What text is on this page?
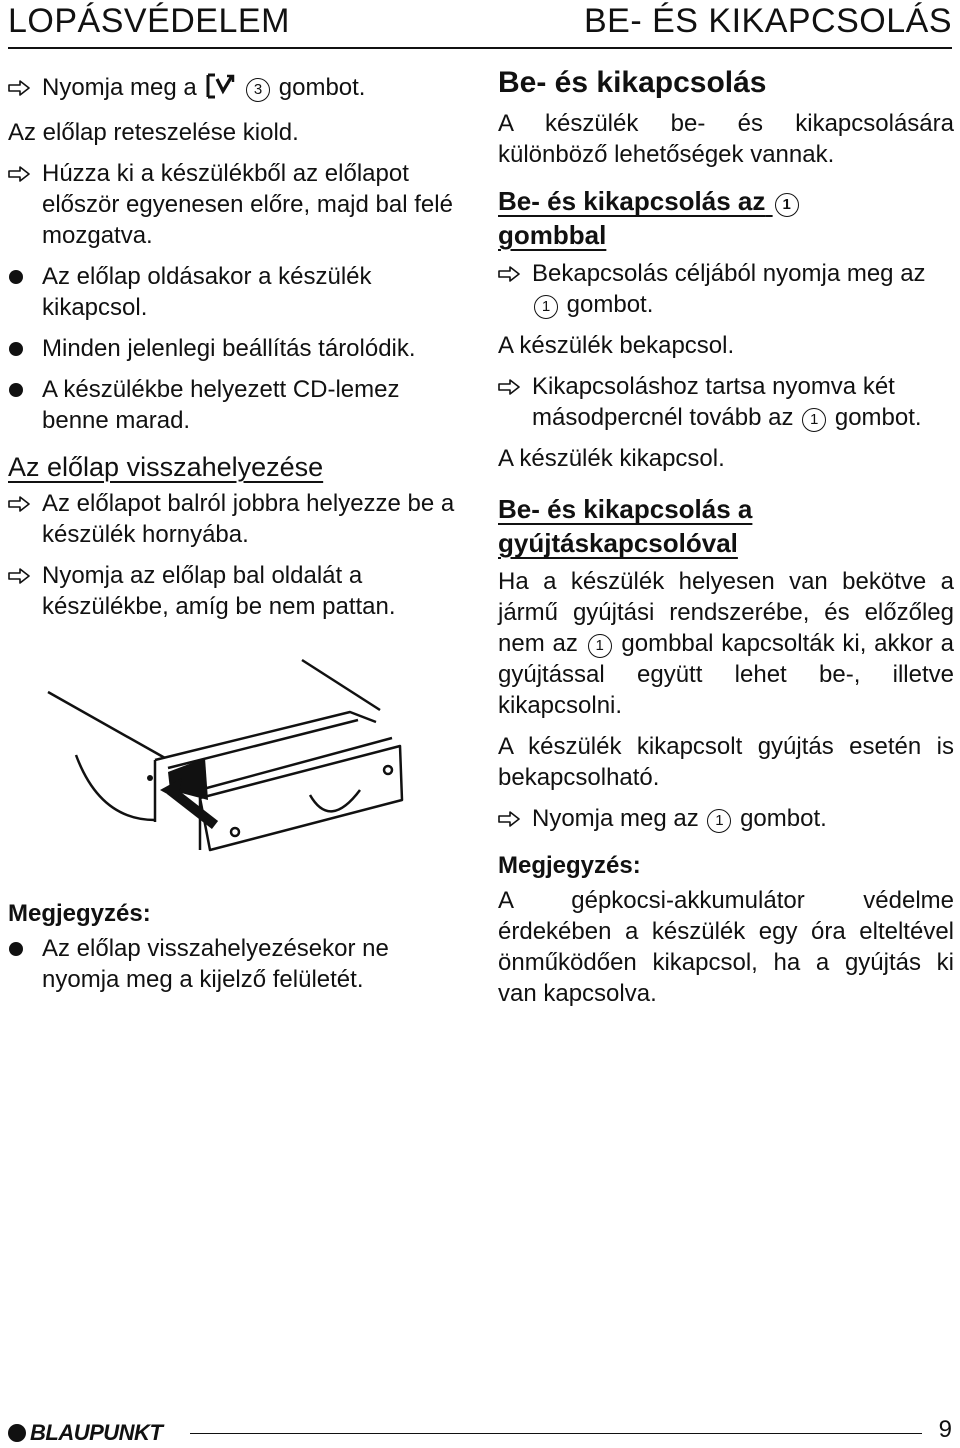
LOPÁSVÉDELEM	BE- ÉS KIKAPCSOLÁS
Nyomja meg a	3 gombot.

Az előlap reteszelése kiold.

Húzza ki a készülékből az előlapot először egyenesen előre, majd bal felé mozgatva.
Az előlap oldásakor a készülék kikapcsol.
Minden jelenlegi beállítás tárolódik.
A készülékbe helyezett CD-lemez benne marad.

Az előlap visszahelyezése

Az előlapot balról jobbra helyezze be a készülék hornyába.
Nyomja az előlap bal oldalát a készülékbe, amíg be nem pattan.

Megjegyzés:

Az előlap visszahelyezésekor ne nyomja meg a kijelző felületét.

Be- és kikapcsolás

A készülék be- és kikapcsolására különböző lehetőségek vannak.

Be- és kikapcsolás az 1
gombbal

Bekapcsolás céljából nyomja meg az 1 gombot.

A készülék bekapcsol.

Kikapcsoláshoz tartsa nyomva két másodpercnél tovább az 1 gombot.

A készülék kikapcsol.

Be- és kikapcsolás a gyújtáskapcsolóval

Ha a készülék helyesen van bekötve a jármű gyújtási rendszerébe, és előzőleg nem az 1 gombbal kapcsolták ki, akkor a gyújtással együtt lehet be-, illetve kikapcsolni.

A készülék kikapcsolt gyújtás esetén is bekapcsolható.

Nyomja meg az 1 gombot.

Megjegyzés:

A gépkocsi-akkumulátor védelme érdekében a készülék egy óra elteltével önműködően kikapcsol, ha a gyújtás ki van kapcsolva.

BLAUPUNKT	9
